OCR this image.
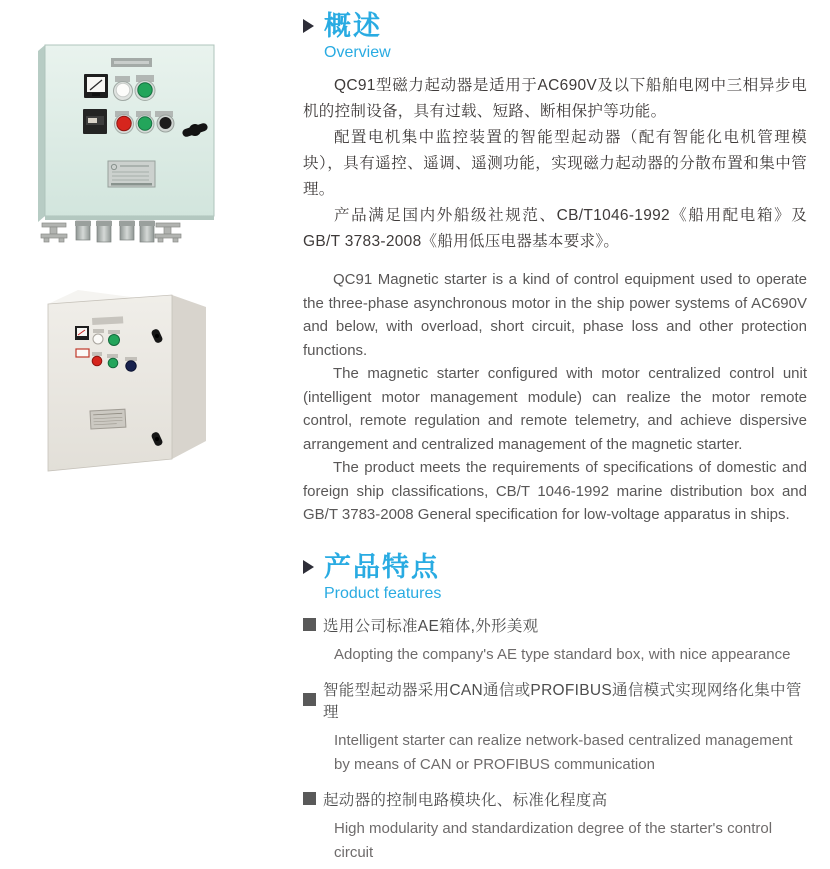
概述
Overview

QC91型磁力起动器是适用于AC690V及以下船舶电网中三相异步电机的控制设备，具有过载、短路、断相保护等功能。

配置电机集中监控装置的智能型起动器（配有智能化电机管理模块），具有遥控、遥调、遥测功能，实现磁力起动器的分散布置和集中管理。

产品满足国内外船级社规范、CB/T1046-1992《船用配电箱》及GB/T 3783-2008《船用低压电器基本要求》。

QC91 Magnetic starter is a kind of control equipment used to operate the three-phase asynchronous motor in the ship power systems of AC690V and below, with overload, short circuit, phase loss and other protection functions.

The magnetic starter configured with motor centralized control unit (intelligent motor management module) can realize the motor remote control, remote regulation and remote telemetry, and achieve dispersive arrangement and centralized management of the magnetic starter.

The product meets the requirements of specifications of domestic and foreign ship classifications, CB/T 1046-1992 marine distribution box and GB/T 3783-2008 General specification for low-voltage apparatus in ships.

产品特点
Product features
选用公司标准AE箱体,外形美观

Adopting the company's AE type standard box, with nice appearance

智能型起动器采用CAN通信或PROFIBUS通信模式实现网络化集中管理

Intelligent starter can realize network-based centralized management by means of CAN or PROFIBUS communication

起动器的控制电路模块化、标准化程度高

High modularity and standardization degree of the starter's control circuit
